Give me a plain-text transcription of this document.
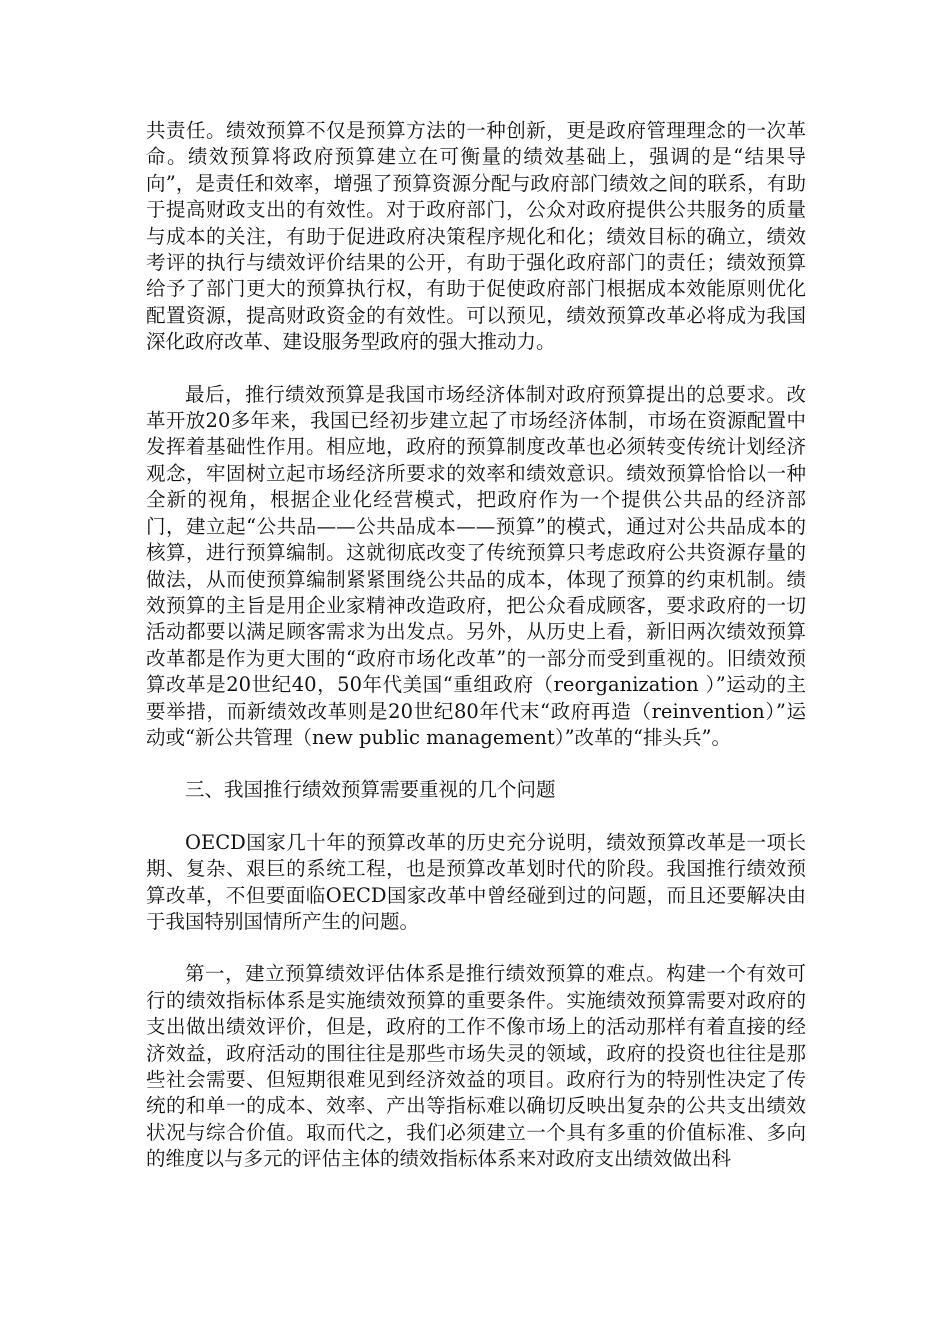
共责任。绩效预算不仅是预算方法的一种创新，更是政府管理理念的一次革命。绩效预算将政府预算建立在可衡量的绩效基础上，强调的是“结果导向”，是责任和效率，增强了预算资源分配与政府部门绩效之间的联系，有助于提高财政支出的有效性。对于政府部门，公众对政府提供公共服务的质量与成本的关注，有助于促进政府决策程序规化和化；绩效目标的确立，绩效考评的执行与绩效评价结果的公开，有助于强化政府部门的责任；绩效预算给予了部门更大的预算执行权，有助于促使政府部门根据成本效能原则优化配置资源，提高财政资金的有效性。可以预见，绩效预算改革必将成为我国深化政府改革、建设服务型政府的强大推动力。

最后，推行绩效预算是我国市场经济体制对政府预算提出的总要求。改革开放20多年来，我国已经初步建立起了市场经济体制，市场在资源配置中发挥着基础性作用。相应地，政府的预算制度改革也必须转变传统计划经济观念，牢固树立起市场经济所要求的效率和绩效意识。绩效预算恰恰以一种全新的视角，根据企业化经营模式，把政府作为一个提供公共品的经济部门，建立起“公共品——公共品成本——预算”的模式，通过对公共品成本的核算，进行预算编制。这就彻底改变了传统预算只考虑政府公共资源存量的做法，从而使预算编制紧紧围绕公共品的成本，体现了预算的约束机制。绩效预算的主旨是用企业家精神改造政府，把公众看成顾客，要求政府的一切活动都要以满足顾客需求为出发点。另外，从历史上看，新旧两次绩效预算改革都是作为更大围的“政府市场化改革”的一部分而受到重视的。旧绩效预算改革是20世纪40，50年代美国“重组政府（reorganization ）”运动的主要举措，而新绩效改革则是20世纪80年代末“政府再造（reinvention）”运动或“新公共管理（new public management）”改革的“排头兵”。

三、我国推行绩效预算需要重视的几个问题

OECD国家几十年的预算改革的历史充分说明，绩效预算改革是一项长期、复杂、艰巨的系统工程，也是预算改革划时代的阶段。我国推行绩效预算改革，不但要面临OECD国家改革中曾经碰到过的问题，而且还要解决由于我国特别国情所产生的问题。

第一，建立预算绩效评估体系是推行绩效预算的难点。构建一个有效可行的绩效指标体系是实施绩效预算的重要条件。实施绩效预算需要对政府的支出做出绩效评价，但是，政府的工作不像市场上的活动那样有着直接的经济效益，政府活动的围往往是那些市场失灵的领域，政府的投资也往往是那些社会需要、但短期很难见到经济效益的项目。政府行为的特别性决定了传统的和单一的成本、效率、产出等指标难以确切反映出复杂的公共支出绩效状况与综合价值。取而代之，我们必须建立一个具有多重的价值标准、多向的维度以与多元的评估主体的绩效指标体系来对政府支出绩效做出科
